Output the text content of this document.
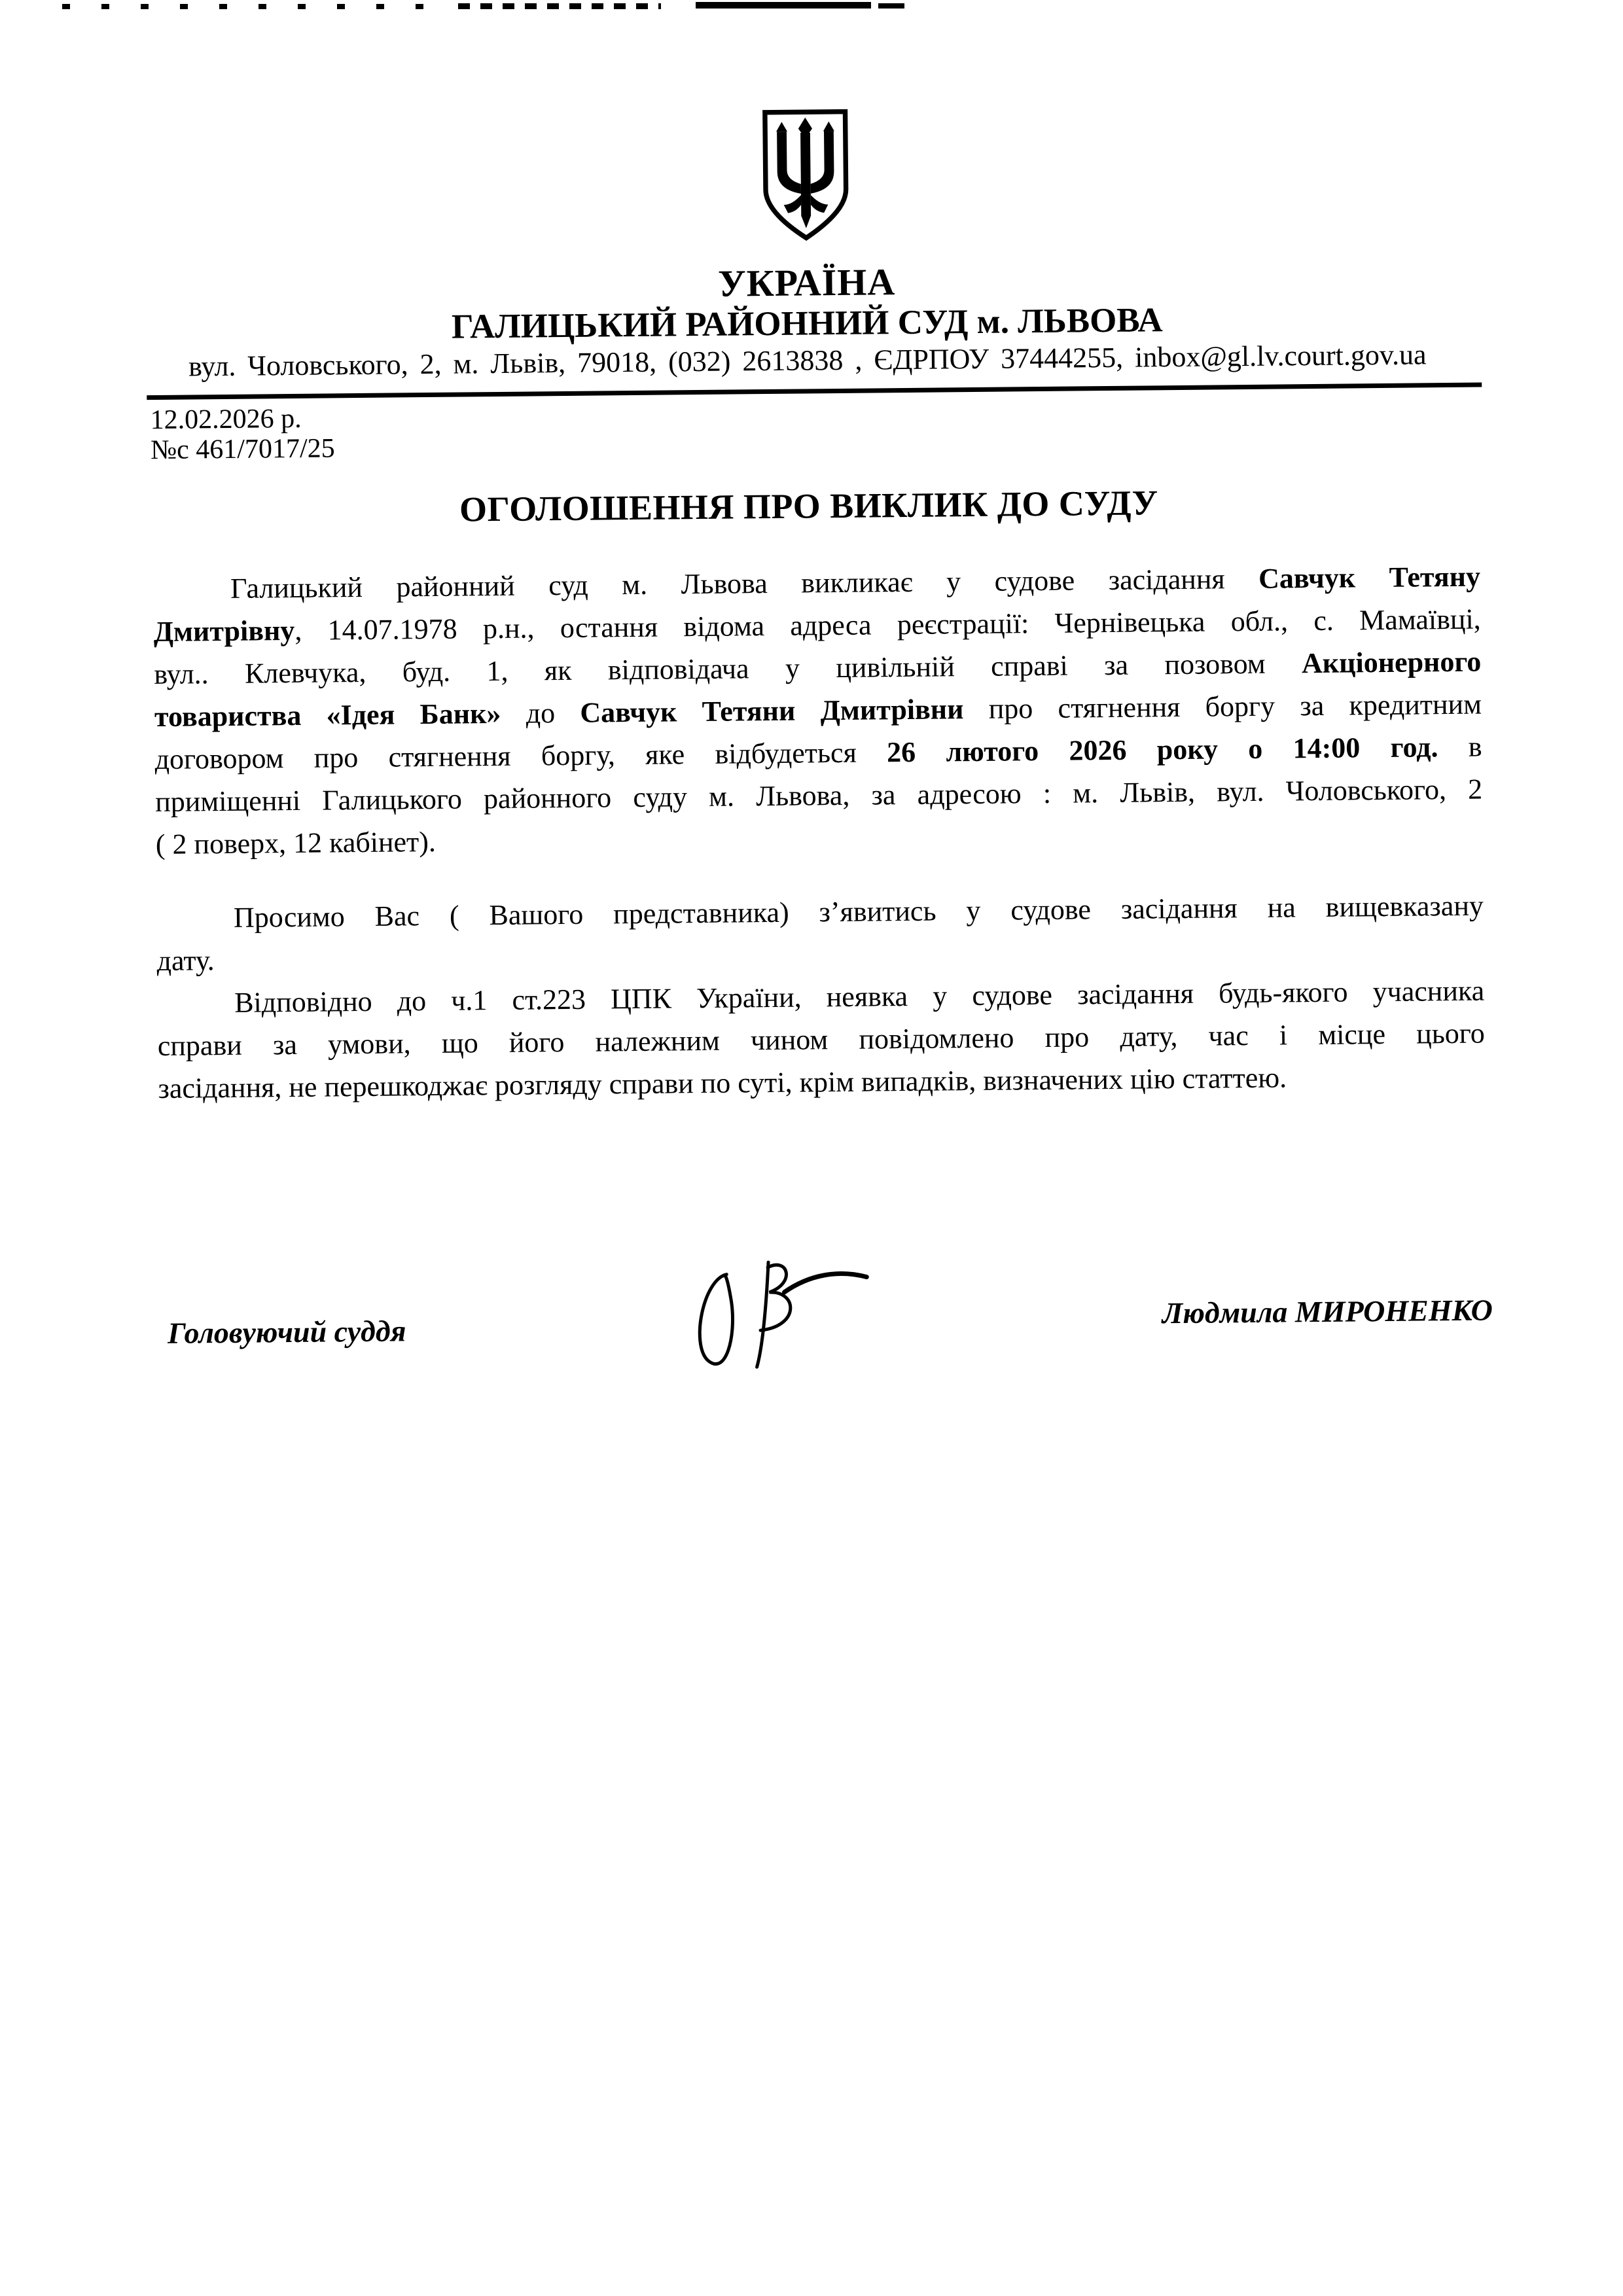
УКРАЇНА
ГАЛИЦЬКИЙ РАЙОННИЙ СУД м. ЛЬВОВА
вул. Чоловського, 2, м. Львів, 79018, (032) 2613838 , ЄДРПОУ 37444255, inbox@gl.lv.court.gov.ua
12.02.2026 р.
№с 461/7017/25
ОГОЛОШЕННЯ ПРО ВИКЛИК ДО СУДУ
Галицький районний суд м. Львова викликає у судове засідання Савчук Тетяну
Дмитрівну, 14.07.1978 р.н., остання відома адреса реєстрації: Чернівецька обл., с. Мамаївці,
вул.. Клевчука, буд. 1, як відповідача у цивільній справі за позовом Акціонерного
товариства «Ідея Банк» до Савчук Тетяни Дмитрівни про стягнення боргу за кредитним
договором про стягнення боргу, яке відбудеться 26 лютого 2026 року о 14:00 год. в
приміщенні Галицького районного суду м. Львова, за адресою : м. Львів, вул. Чоловського, 2
( 2 поверх, 12 кабінет).
Просимо Вас ( Вашого представника) з’явитись у судове засідання на вищевказану
дату.
Відповідно до ч.1 ст.223 ЦПК України, неявка у судове засідання будь-якого учасника
справи за умови, що його належним чином повідомлено про дату, час і місце цього
засідання, не перешкоджає розгляду справи по суті, крім випадків, визначених цію статтею.
Головуючий суддя
Людмила МИРОНЕНКО
